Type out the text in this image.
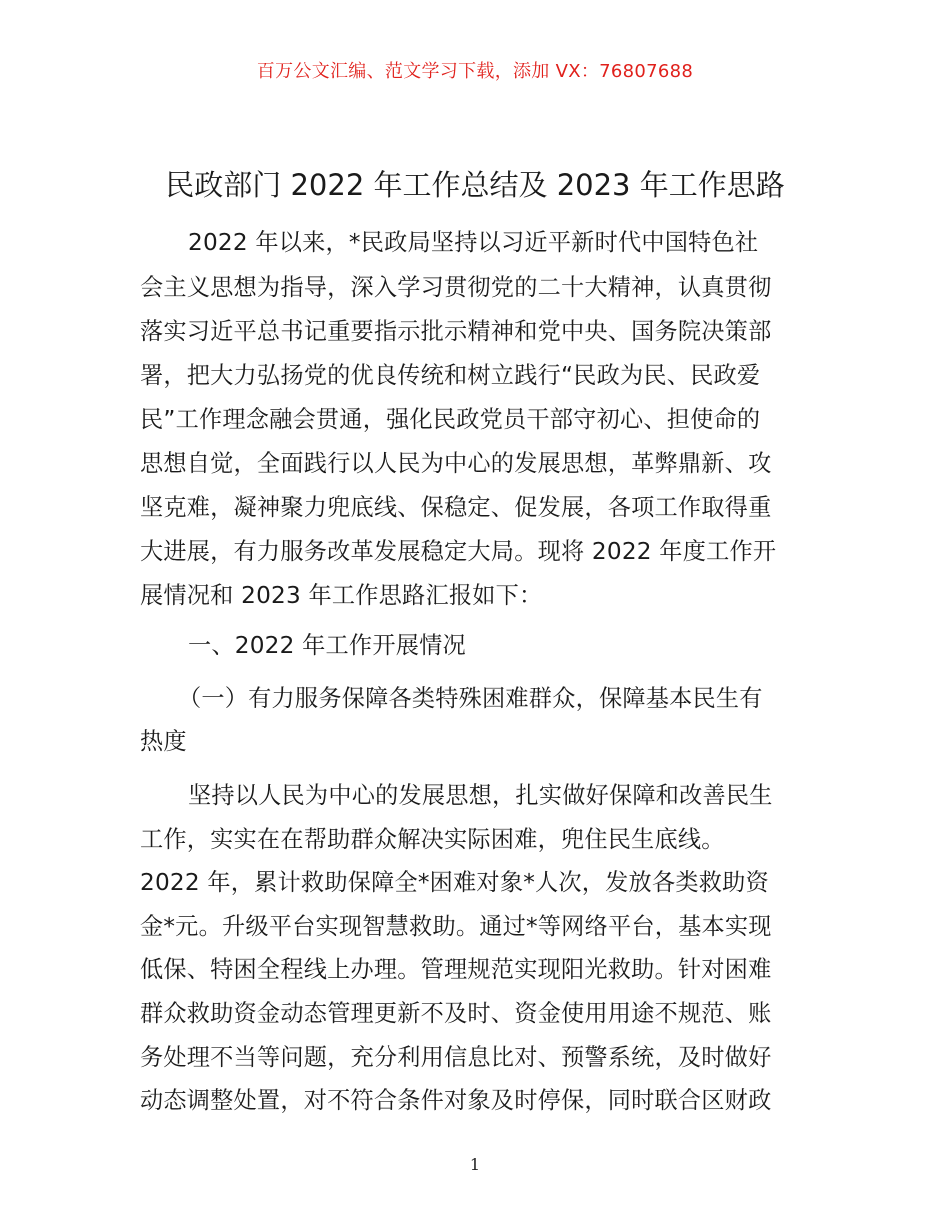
百万公文汇编、范文学习下载，添加 VX：76807688
民政部门 2022 年工作总结及 2023 年工作思路
2022 年以来，*民政局坚持以习近平新时代中国特色社
会主义思想为指导，深入学习贯彻党的二十大精神，认真贯彻
落实习近平总书记重要指示批示精神和党中央、国务院决策部
署，把大力弘扬党的优良传统和树立践行“民政为民、民政爱
民”工作理念融会贯通，强化民政党员干部守初心、担使命的
思想自觉，全面践行以人民为中心的发展思想，革弊鼎新、攻
坚克难，凝神聚力兜底线、保稳定、促发展，各项工作取得重
大进展，有力服务改革发展稳定大局。现将 2022 年度工作开
展情况和 2023 年工作思路汇报如下：
一、2022 年工作开展情况
（一）有力服务保障各类特殊困难群众，保障基本民生有
热度
坚持以人民为中心的发展思想，扎实做好保障和改善民生
工作，实实在在帮助群众解决实际困难，兜住民生底线。
2022 年，累计救助保障全*困难对象*人次，发放各类救助资
金*元。升级平台实现智慧救助。通过*等网络平台，基本实现
低保、特困全程线上办理。管理规范实现阳光救助。针对困难
群众救助资金动态管理更新不及时、资金使用用途不规范、账
务处理不当等问题，充分利用信息比对、预警系统，及时做好
动态调整处置，对不符合条件对象及时停保，同时联合区财政
1
